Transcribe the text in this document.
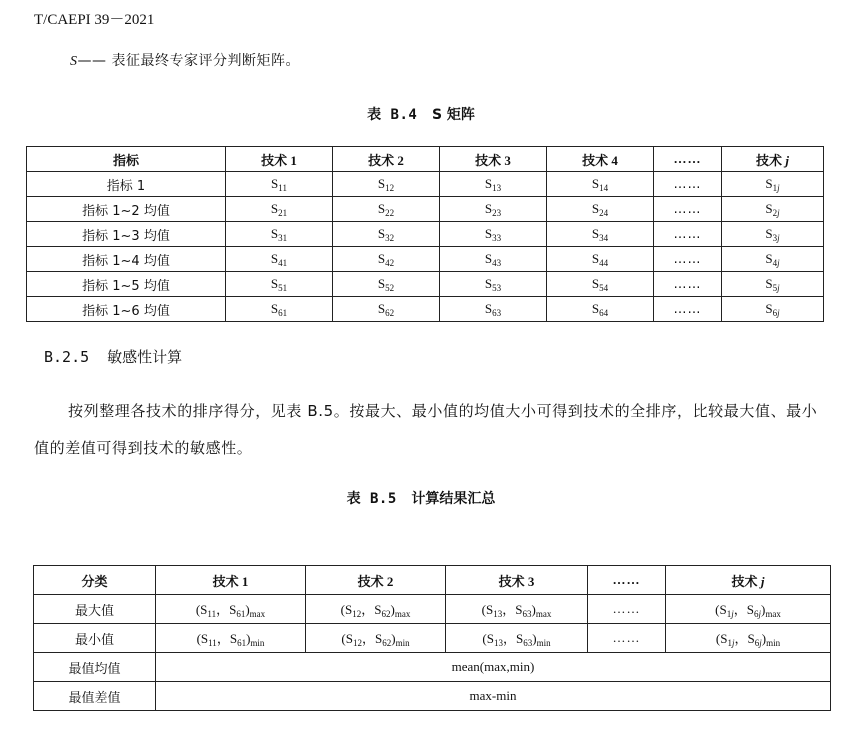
T/CAEPI 39－2021
S—— 表征最终专家评分判断矩阵。
表 B.4 S 矩阵
指标	技术 1	技术 2	技术 3	技术 4	……	技术 j
指标 1	$S_{11}$	$S_{12}$	$S_{13}$	$S_{14}$	……	$S_{1j}$
指标 1~2 均值	$S_{21}$	$S_{22}$	$S_{23}$	$S_{24}$	……	$S_{2j}$
指标 1~3 均值	$S_{31}$	$S_{32}$	$S_{33}$	$S_{34}$	……	$S_{3j}$
指标 1~4 均值	$S_{41}$	$S_{42}$	$S_{43}$	$S_{44}$	……	$S_{4j}$
指标 1~5 均值	$S_{51}$	$S_{52}$	$S_{53}$	$S_{54}$	……	$S_{5j}$
指标 1~6 均值	$S_{61}$	$S_{62}$	$S_{63}$	$S_{64}$	……	$S_{6j}$
B.2.5 敏感性计算
按列整理各技术的排序得分，见表 B.5。按最大、最小值的均值大小可得到技术的全排序，比较最大值、最小值的差值可得到技术的敏感性。
表 B.5 计算结果汇总
分类	技术 1	技术 2	技术 3	……	技术 j
最大值	($S_{11}$，$S_{61})_{max}$	($S_{12}$，$S_{62})_{max}$	($S_{13}$，$S_{63})_{max}$	……	($S_{1j}$，$S_{6j})_{max}$
最小值	($S_{11}$，$S_{61})_{min}$	($S_{12}$，$S_{62})_{min}$	($S_{13}$，$S_{63})_{min}$	……	($S_{1j}$，$S_{6j})_{min}$
最值均值	mean(max,min)				
最值差值	max-min				
